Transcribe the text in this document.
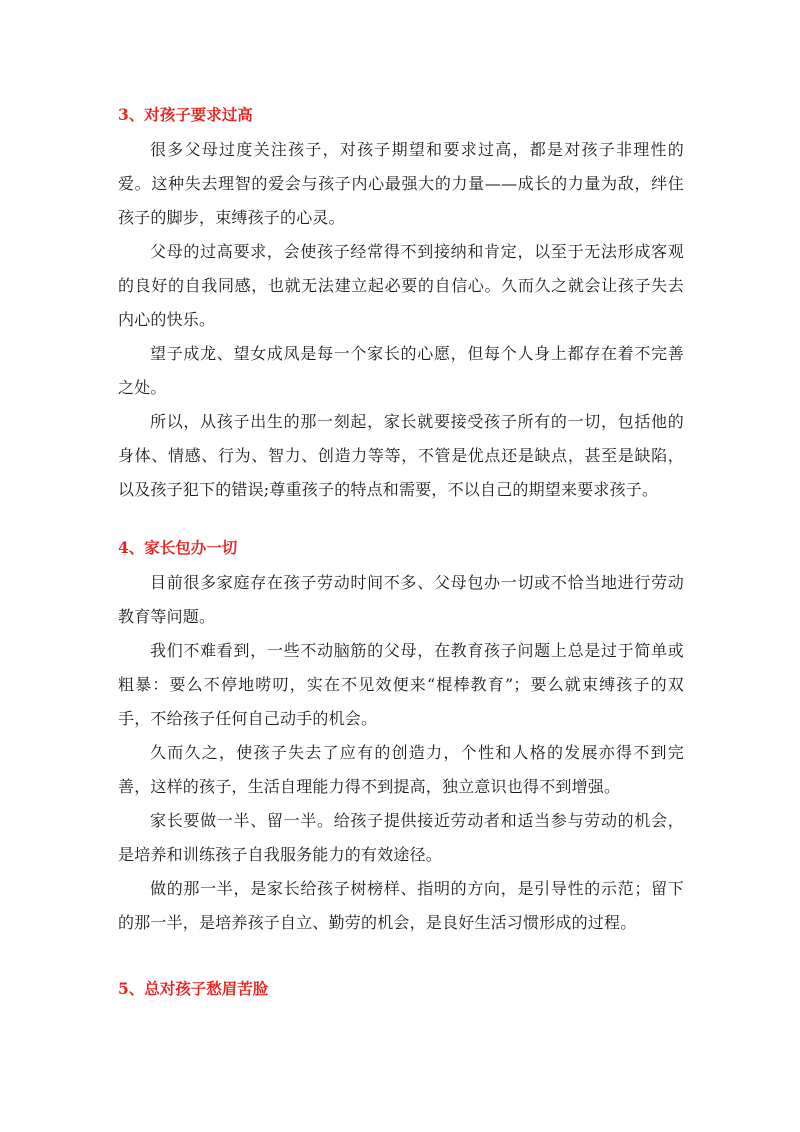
3、对孩子要求过高

很多父母过度关注孩子，对孩子期望和要求过高，都是对孩子非理性的爱。这种失去理智的爱会与孩子内心最强大的力量——成长的力量为敌，绊住孩子的脚步，束缚孩子的心灵。

父母的过高要求，会使孩子经常得不到接纳和肯定，以至于无法形成客观的良好的自我同感，也就无法建立起必要的自信心。久而久之就会让孩子失去内心的快乐。

望子成龙、望女成凤是每一个家长的心愿，但每个人身上都存在着不完善之处。

所以，从孩子出生的那一刻起，家长就要接受孩子所有的一切，包括他的身体、情感、行为、智力、创造力等等，不管是优点还是缺点，甚至是缺陷，以及孩子犯下的错误;尊重孩子的特点和需要，不以自己的期望来要求孩子。

4、家长包办一切

目前很多家庭存在孩子劳动时间不多、父母包办一切或不恰当地进行劳动教育等问题。

我们不难看到，一些不动脑筋的父母，在教育孩子问题上总是过于简单或粗暴：要么不停地唠叨，实在不见效便来“棍棒教育”；要么就束缚孩子的双手，不给孩子任何自己动手的机会。

久而久之，使孩子失去了应有的创造力，个性和人格的发展亦得不到完善，这样的孩子，生活自理能力得不到提高，独立意识也得不到增强。

家长要做一半、留一半。给孩子提供接近劳动者和适当参与劳动的机会，是培养和训练孩子自我服务能力的有效途径。

做的那一半，是家长给孩子树榜样、指明的方向，是引导性的示范；留下的那一半，是培养孩子自立、勤劳的机会，是良好生活习惯形成的过程。

5、总对孩子愁眉苦脸
